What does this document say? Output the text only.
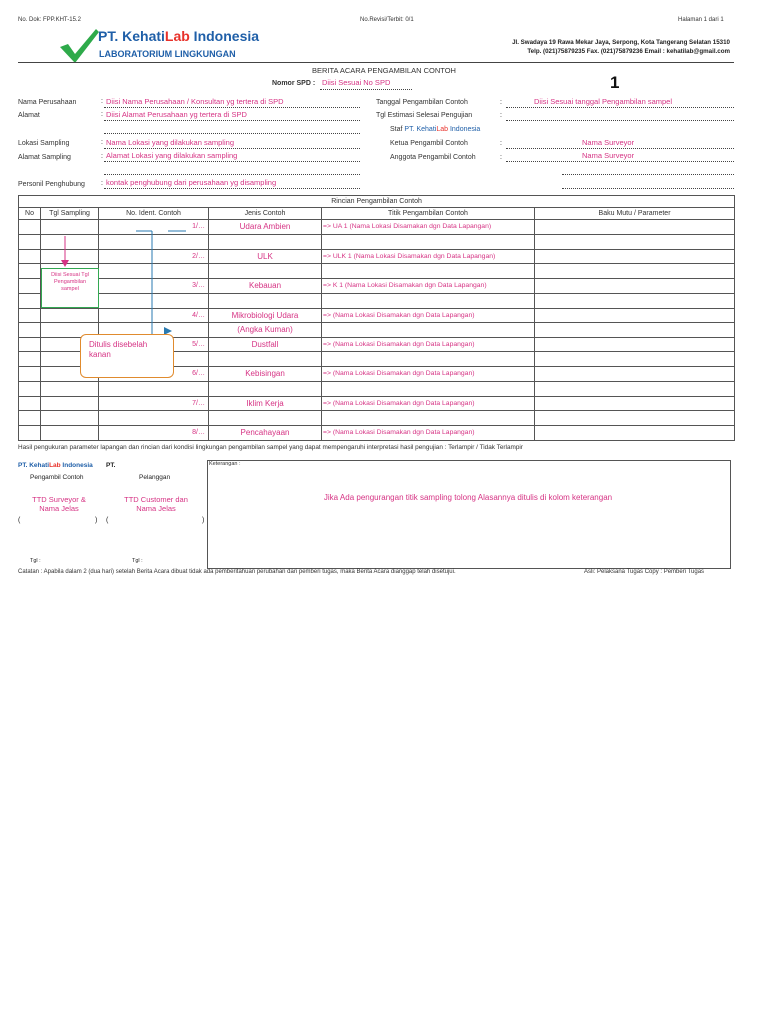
No. Dok: FPP.KHT-15.2	No.Revisi/Terbit: 0/1	Halaman 1 dari 1
PT. KehatiLab Indonesia
LABORATORIUM LINGKUNGAN
Jl. Swadaya 19 Rawa Mekar Jaya, Serpong, Kota Tangerang Selatan 15310
Telp. (021)75879235 Fax. (021)75879236 Email : kehatilab@gmail.com
BERITA ACARA PENGAMBILAN CONTOH
Nomor SPD : Diisi Sesuai No SPD	1
Nama Perusahaan	: Diisi Nama Perusahaan / Konsultan yg tertera di SPD
Alamat	: Diisi Alamat Perusahaan yg tertera di SPD
Lokasi Sampling	: Nama Lokasi yang dilakukan sampling
Alamat Sampling	: Alamat Lokasi yang dilakukan sampling
Personil Penghubung : kontak penghubung dari perusahaan yg disampling
Tanggal Pengambilan Contoh	:	Diisi Sesuai tanggal Pengambilan sampel
Tgl Estimasi Selesai Pengujian	:
Staf PT. KehatiLab Indonesia
Ketua Pengambil Contoh	:	Nama Surveyor
Anggota Pengambil Contoh	:	Nama Surveyor
Rincian Pengambilan Contoh					
No	Tgl Sampling	No. Ident. Contoh	Jenis Contoh	Titik Pengambilan Contoh	Baku Mutu / Parameter
		1/…	Udara Ambien	=> UA 1 (Nama Lokasi Disamakan dgn Data Lapangan)	

		2/…	ULK	=> ULK 1 (Nama Lokasi Disamakan dgn Data Lapangan)	

		3/…	Kebauan	=> K 1 (Nama Lokasi Disamakan dgn Data Lapangan)	

		4/…	Mikrobiologi Udara	=> (Nama Lokasi Disamakan dgn Data Lapangan)	
			(Angka Kuman)		
		5/…	Dustfall	=> (Nama Lokasi Disamakan dgn Data Lapangan)	

		6/…	Kebisingan	=> (Nama Lokasi Disamakan dgn Data Lapangan)	

		7/…	Iklim Kerja	=> (Nama Lokasi Disamakan dgn Data Lapangan)	

		8/…	Pencahayaan	=> (Nama Lokasi Disamakan dgn Data Lapangan)	
Diisi Sesuai Tgl Pengambilan sampel
Ditulis disebelah kanan
Hasil pengukuran parameter lapangan dan rincian dari kondisi lingkungan pengambilan sampel yang dapat mempengaruhi interpretasi hasil pengujian : Terlampir / Tidak Terlampir
PT. KehatiLab Indonesia PT.
Pengambil Contoh	Pelanggan
TTD Surveyor & Nama Jelas
TTD Customer dan Nama Jelas
(	) (	)
Keterangan :
Jika Ada pengurangan titik sampling tolong Alasannya ditulis di kolom keterangan
Tgl :	Tgl :
Catatan : Apabila dalam 2 (dua hari) setelah Berita Acara dibuat tidak ada pemberitahuan perubahan dari pemberi tugas, maka Berita Acara dianggap telah disetujui.	Asli: Pelaksana Tugas Copy : Pemberi Tugas
